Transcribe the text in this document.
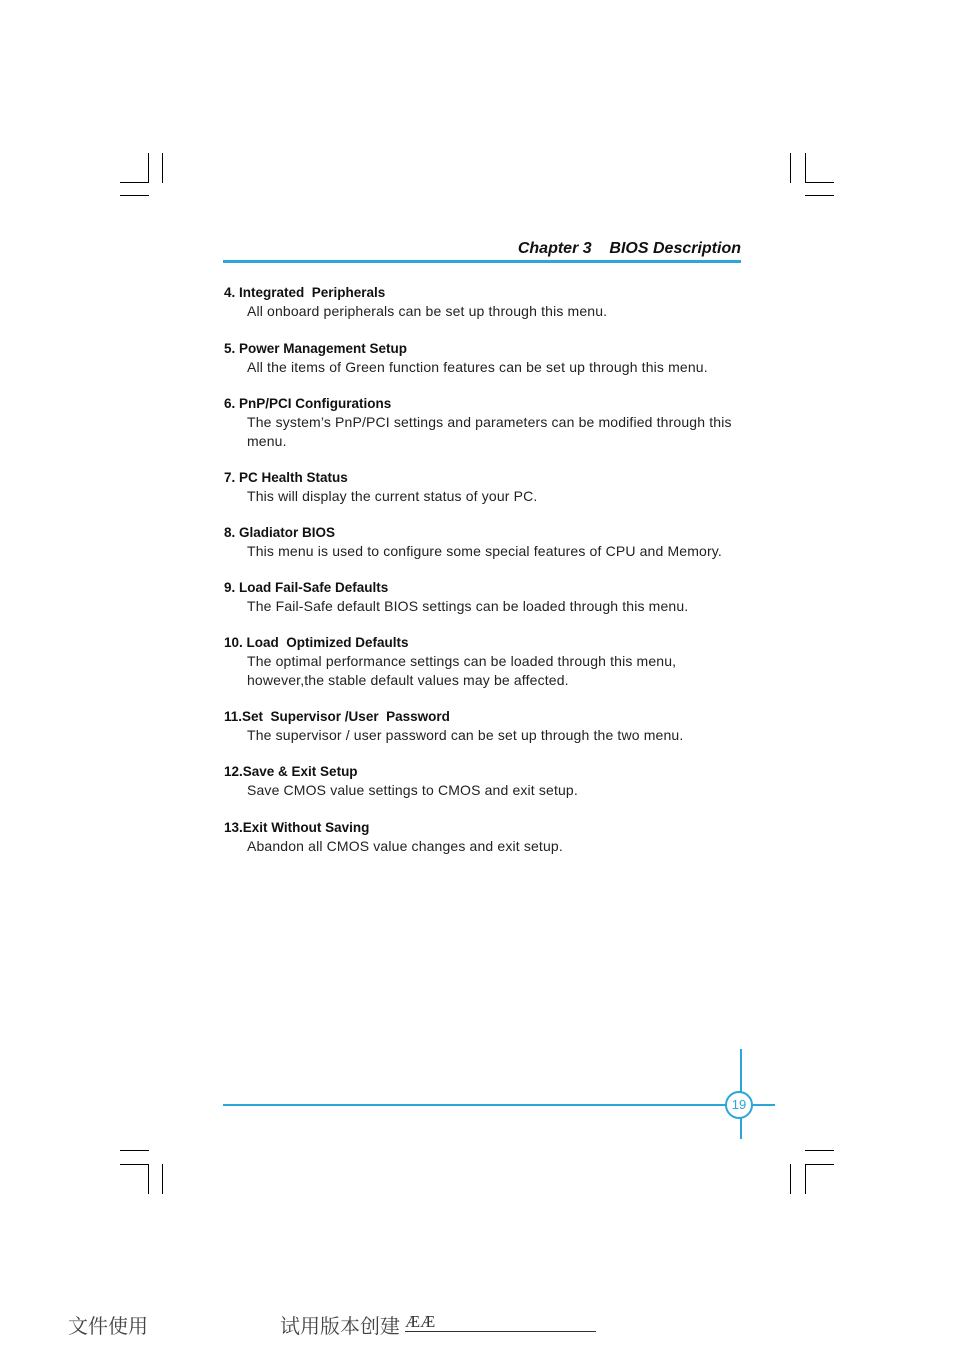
Chapter 3    BIOS Description
4. Integrated  Peripherals
All onboard peripherals can be set up through this menu.
5. Power Management Setup
All the items of Green function features can be set up through this menu.
6. PnP/PCI Configurations
The system’s PnP/PCI settings and parameters can be modified through this menu.
7. PC Health Status
This will display the current status of your PC.
8. Gladiator BIOS
This menu is used to configure some special features of CPU and Memory.
9. Load Fail-Safe Defaults
The Fail-Safe default BIOS settings can be loaded through this menu.
10. Load  Optimized Defaults
The optimal performance settings can be loaded through this menu, however,the stable default values may be affected.
11.Set  Supervisor /User  Password
The supervisor / user password can be set up through the two menu.
12.Save & Exit Setup
Save CMOS value settings to CMOS and exit setup.
13.Exit Without Saving
Abandon all CMOS value changes and exit setup.
19
文件使用	试用版本创建 ÆÆ
